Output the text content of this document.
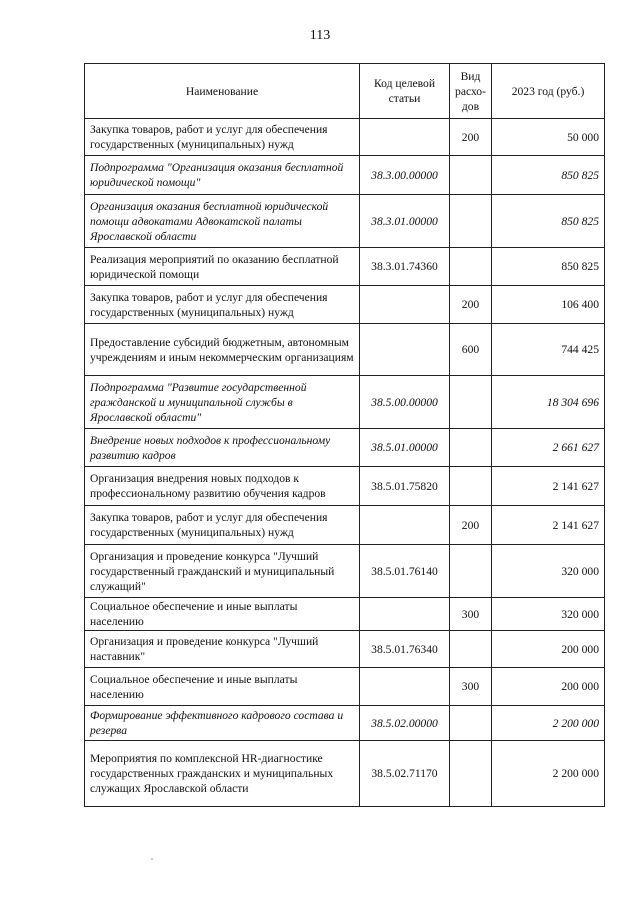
113
Наименование	Код целевой статьи	Вид расхо-дов	2023 год (руб.)
Закупка товаров, работ и услуг для обеспечения государственных (муниципальных) нужд		200	50 000
Подпрограмма "Организация оказания бесплатной юридической помощи"	38.3.00.00000		850 825
Организация оказания бесплатной юридической помощи адвокатами Адвокатской палаты Ярославской области	38.3.01.00000		850 825
Реализация мероприятий по оказанию бесплатной юридической помощи	38.3.01.74360		850 825
Закупка товаров, работ и услуг для обеспечения государственных (муниципальных) нужд		200	106 400
Предоставление субсидий бюджетным, автономным учреждениям и иным некоммерческим организациям		600	744 425
Подпрограмма "Развитие государственной гражданской и муниципальной службы в Ярославской области"	38.5.00.00000		18 304 696
Внедрение новых подходов к профессиональному развитию кадров	38.5.01.00000		2 661 627
Организация внедрения новых подходов к профессиональному развитию обучения кадров	38.5.01.75820		2 141 627
Закупка товаров, работ и услуг для обеспечения государственных (муниципальных) нужд		200	2 141 627
Организация и проведение конкурса "Лучший государственный гражданский и муниципальный служащий"	38.5.01.76140		320 000
Социальное обеспечение и иные выплаты населению		300	320 000
Организация и проведение конкурса "Лучший наставник"	38.5.01.76340		200 000
Социальное обеспечение и иные выплаты населению		300	200 000
Формирование эффективного кадрового состава и резерва	38.5.02.00000		2 200 000
Мероприятия по комплексной HR-диагностике государственных гражданских и муниципальных служащих Ярославской области	38.5.02.71170		2 200 000
